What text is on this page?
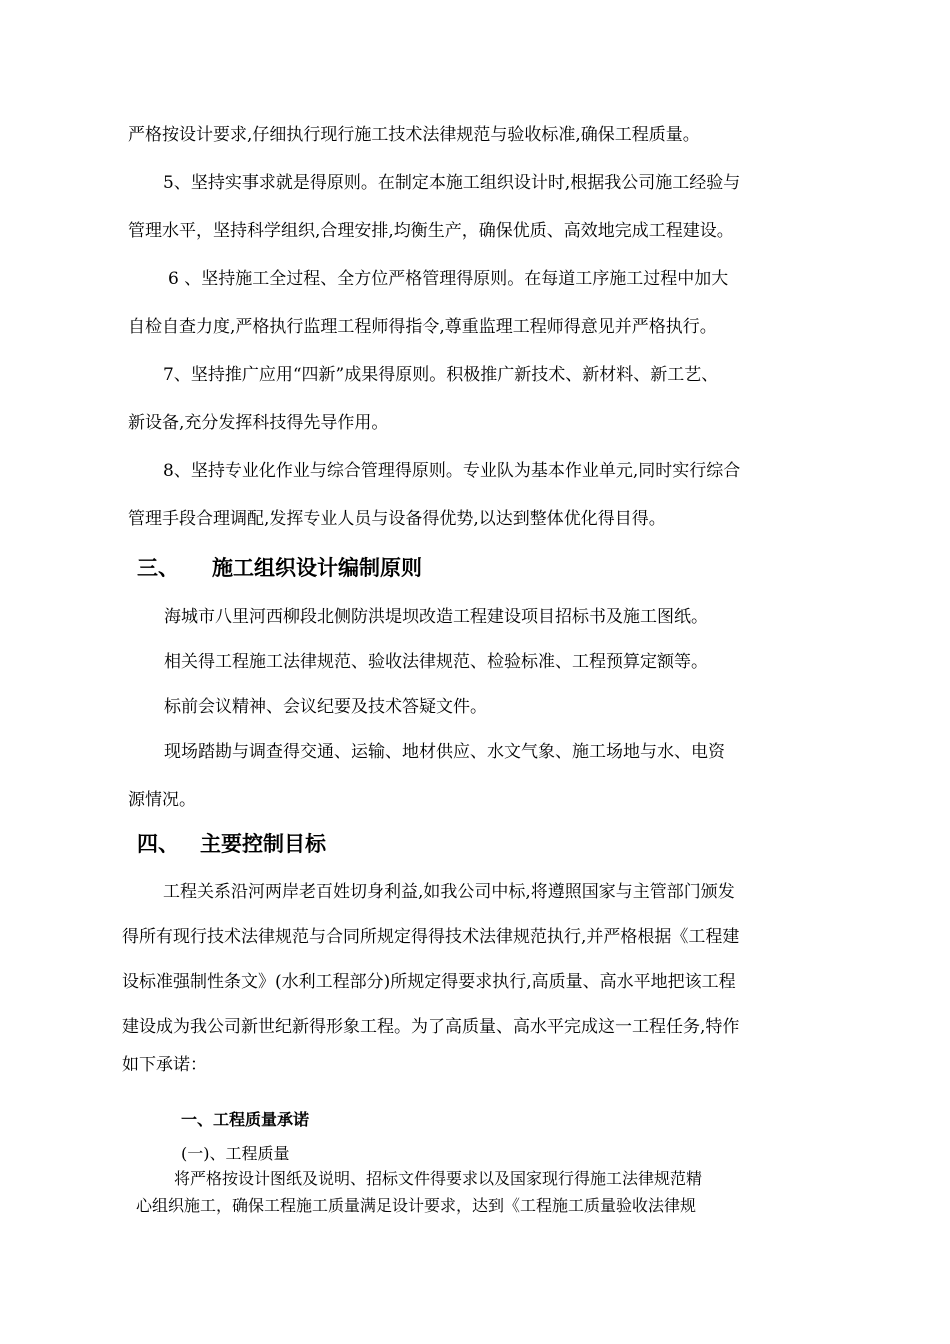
严格按设计要求,仔细执行现行施工技术法律规范与验收标准,确保工程质量。
5、坚持实事求就是得原则。在制定本施工组织设计时,根据我公司施工经验与
管理水平，坚持科学组织,合理安排,均衡生产，确保优质、高效地完成工程建设。
6 、坚持施工全过程、全方位严格管理得原则。在每道工序施工过程中加大
自检自查力度,严格执行监理工程师得指令,尊重监理工程师得意见并严格执行。
7、坚持推广应用“四新”成果得原则。积极推广新技术、新材料、新工艺、
新设备,充分发挥科技得先导作用。
8、坚持专业化作业与综合管理得原则。专业队为基本作业单元,同时实行综合
管理手段合理调配,发挥专业人员与设备得优势,以达到整体优化得目得。
三、 施工组织设计编制原则
海城市八里河西柳段北侧防洪堤坝改造工程建设项目招标书及施工图纸。
相关得工程施工法律规范、验收法律规范、检验标准、工程预算定额等。
标前会议精神、会议纪要及技术答疑文件。
现场踏勘与调查得交通、运输、地材供应、水文气象、施工场地与水、电资
源情况。
四、 主要控制目标
工程关系沿河两岸老百姓切身利益,如我公司中标,将遵照国家与主管部门颁发
得所有现行技术法律规范与合同所规定得得技术法律规范执行,并严格根据《工程建
设标准强制性条文》(水利工程部分)所规定得要求执行,高质量、高水平地把该工程
建设成为我公司新世纪新得形象工程。为了高质量、高水平完成这一工程任务,特作
如下承诺：
一、工程质量承诺
(一)、工程质量
将严格按设计图纸及说明、招标文件得要求以及国家现行得施工法律规范精
心组织施工，确保工程施工质量满足设计要求，达到《工程施工质量验收法律规
